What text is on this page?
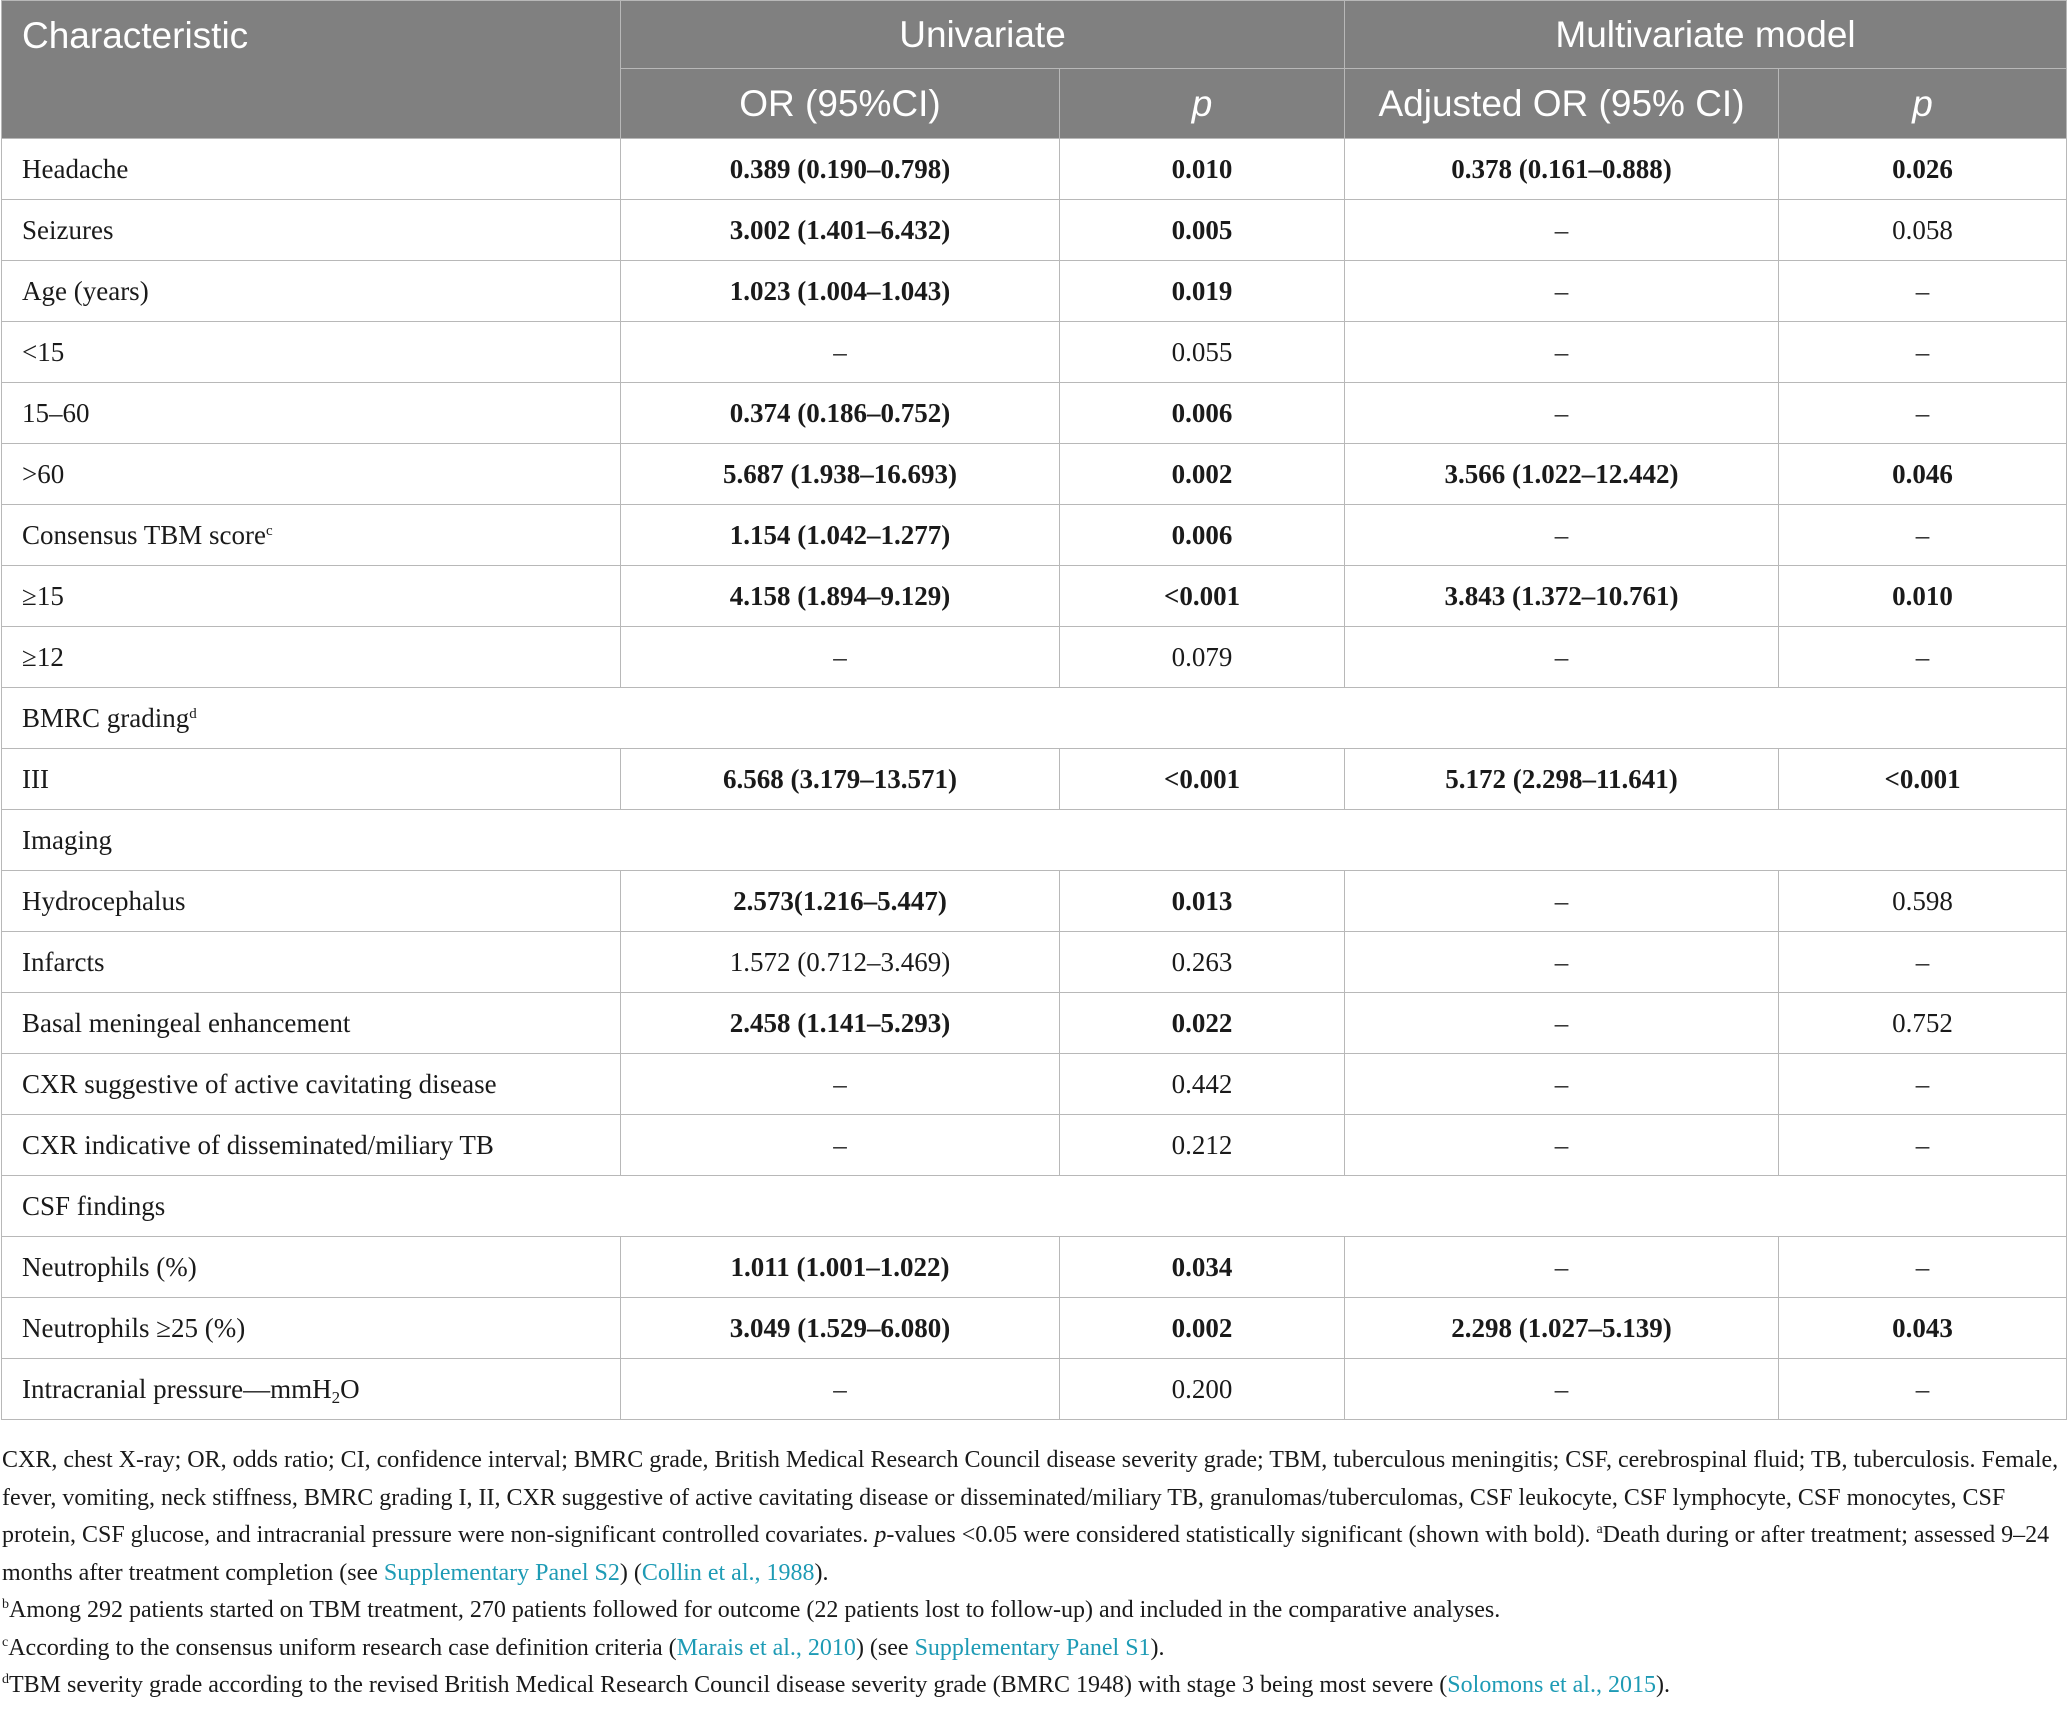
Characteristic	Univariate		Multivariate model	
	OR (95%CI)	p	Adjusted OR (95% CI)	p
Headache	0.389 (0.190–0.798)	0.010	0.378 (0.161–0.888)	0.026
Seizures	3.002 (1.401–6.432)	0.005	–	0.058
Age (years)	1.023 (1.004–1.043)	0.019	–	–
<15	–	0.055	–	–
15–60	0.374 (0.186–0.752)	0.006	–	–
>60	5.687 (1.938–16.693)	0.002	3.566 (1.022–12.442)	0.046
Consensus TBM score$^c$	1.154 (1.042–1.277)	0.006	–	–
≥15	4.158 (1.894–9.129)	<0.001	3.843 (1.372–10.761)	0.010
≥12	–	0.079	–	–
BMRC grading$^d$
III	6.568 (3.179–13.571)	<0.001	5.172 (2.298–11.641)	<0.001
Imaging				
Hydrocephalus	2.573(1.216–5.447)	0.013	–	0.598
Infarcts	1.572 (0.712–3.469)	0.263	–	–
Basal meningeal enhancement	2.458 (1.141–5.293)	0.022	–	0.752
CXR suggestive of active cavitating disease	–	0.442	–	–
CXR indicative of disseminated/miliary TB	–	0.212	–	–
CSF findings				
Neutrophils (%)	1.011 (1.001–1.022)	0.034	–	–
Neutrophils ≥25 (%)	3.049 (1.529–6.080)	0.002	2.298 (1.027–5.139)	0.043
Intracranial pressure—mmH$_2$O	–	0.200	–	–

CXR, chest X-ray; OR, odds ratio; CI, confidence interval; BMRC grade, British Medical Research Council disease severity grade; TBM, tuberculous meningitis; CSF, cerebrospinal fluid; TB, tuberculosis. Female, fever, vomiting, neck stiffness, BMRC grading I, II, CXR suggestive of active cavitating disease or disseminated/miliary TB, granulomas/tuberculomas, CSF leukocyte, CSF lymphocyte, CSF monocytes, CSF protein, CSF glucose, and intracranial pressure were non-significant controlled covariates. p-values <0.05 were considered statistically significant (shown with bold). $^a$Death during or after treatment; assessed 9–24 months after treatment completion (see Supplementary Panel S2) (Collin et al., 1988).

$^b$Among 292 patients started on TBM treatment, 270 patients followed for outcome (22 patients lost to follow-up) and included in the comparative analyses.

$^c$According to the consensus uniform research case definition criteria (Marais et al., 2010) (see Supplementary Panel S1).

$^d$TBM severity grade according to the revised British Medical Research Council disease severity grade (BMRC 1948) with stage 3 being most severe (Solomons et al., 2015).
